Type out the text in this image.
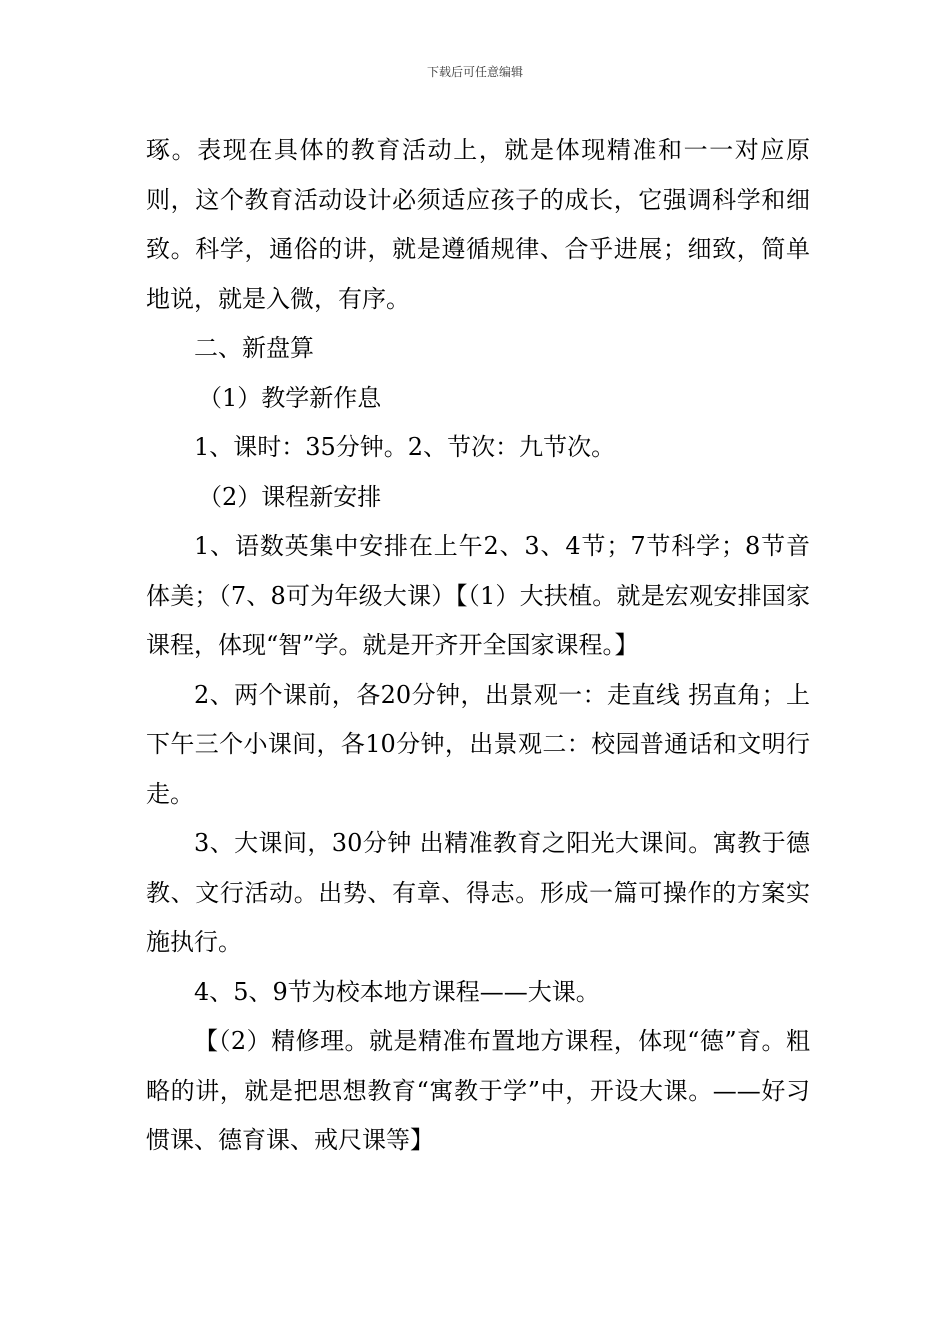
下载后可任意编辑

琢。表现在具体的教育活动上，就是体现精准和一一对应原则，这个教育活动设计必须适应孩子的成长，它强调科学和细致。科学，通俗的讲，就是遵循规律、合乎进展；细致，简单地说，就是入微，有序。

二、新盘算

（1）教学新作息

1、课时：35分钟。2、节次：九节次。

（2）课程新安排

1、语数英集中安排在上午2、3、4节；7节科学；8节音体美；（7、8可为年级大课）【（1）大扶植。就是宏观安排国家课程，体现“智”学。就是开齐开全国家课程。】

2、两个课前，各20分钟，出景观一：走直线 拐直角；上下午三个小课间，各10分钟，出景观二：校园普通话和文明行走。

3、大课间，30分钟 出精准教育之阳光大课间。寓教于德教、文行活动。出势、有章、得志。形成一篇可操作的方案实施执行。

4、5、9节为校本地方课程——大课。

【（2）精修理。就是精准布置地方课程，体现“德”育。粗略的讲，就是把思想教育“寓教于学”中，开设大课。——好习惯课、德育课、戒尺课等】
